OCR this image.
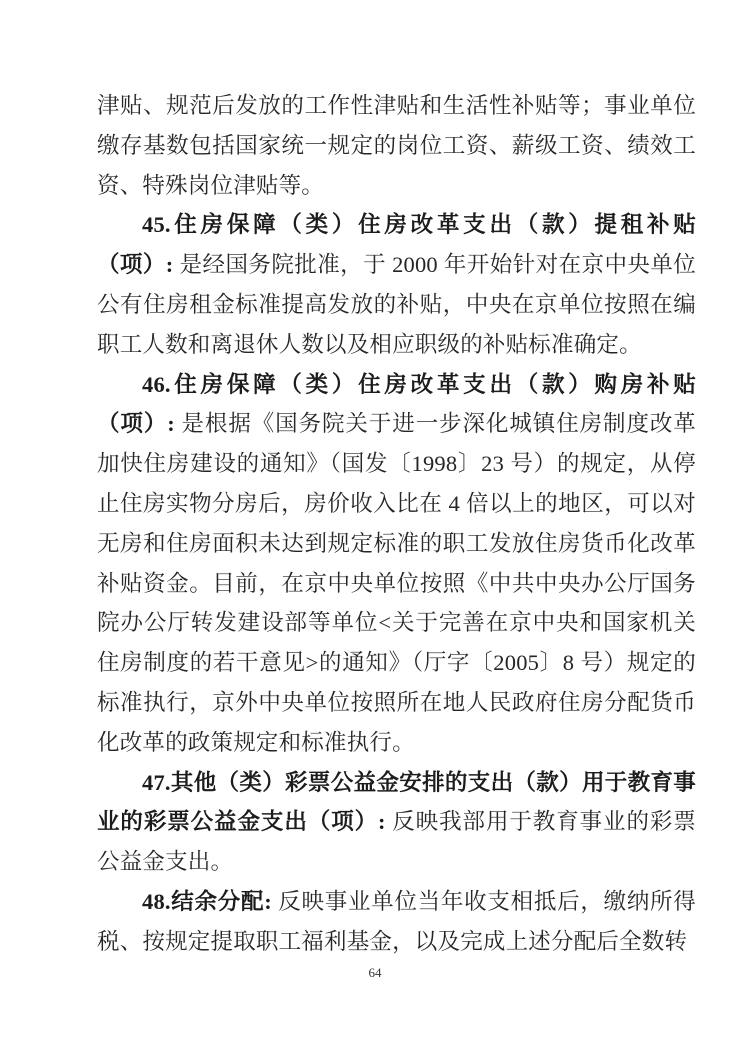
津贴、规范后发放的工作性津贴和生活性补贴等；事业单位缴存基数包括国家统一规定的岗位工资、薪级工资、绩效工资、特殊岗位津贴等。

45.住房保障（类）住房改革支出（款）提租补贴（项）: 是经国务院批准，于 2000 年开始针对在京中央单位公有住房租金标准提高发放的补贴，中央在京单位按照在编职工人数和离退休人数以及相应职级的补贴标准确定。

46.住房保障（类）住房改革支出（款）购房补贴（项）: 是根据《国务院关于进一步深化城镇住房制度改革加快住房建设的通知》（国发〔1998〕23 号）的规定，从停止住房实物分房后，房价收入比在 4 倍以上的地区，可以对无房和住房面积未达到规定标准的职工发放住房货币化改革补贴资金。目前，在京中央单位按照《中共中央办公厅国务院办公厅转发建设部等单位<关于完善在京中央和国家机关住房制度的若干意见>的通知》（厅字〔2005〕8 号）规定的标准执行，京外中央单位按照所在地人民政府住房分配货币化改革的政策规定和标准执行。

47.其他（类）彩票公益金安排的支出（款）用于教育事业的彩票公益金支出（项）: 反映我部用于教育事业的彩票公益金支出。

48.结余分配: 反映事业单位当年收支相抵后，缴纳所得税、按规定提取职工福利基金，以及完成上述分配后全数转

64
